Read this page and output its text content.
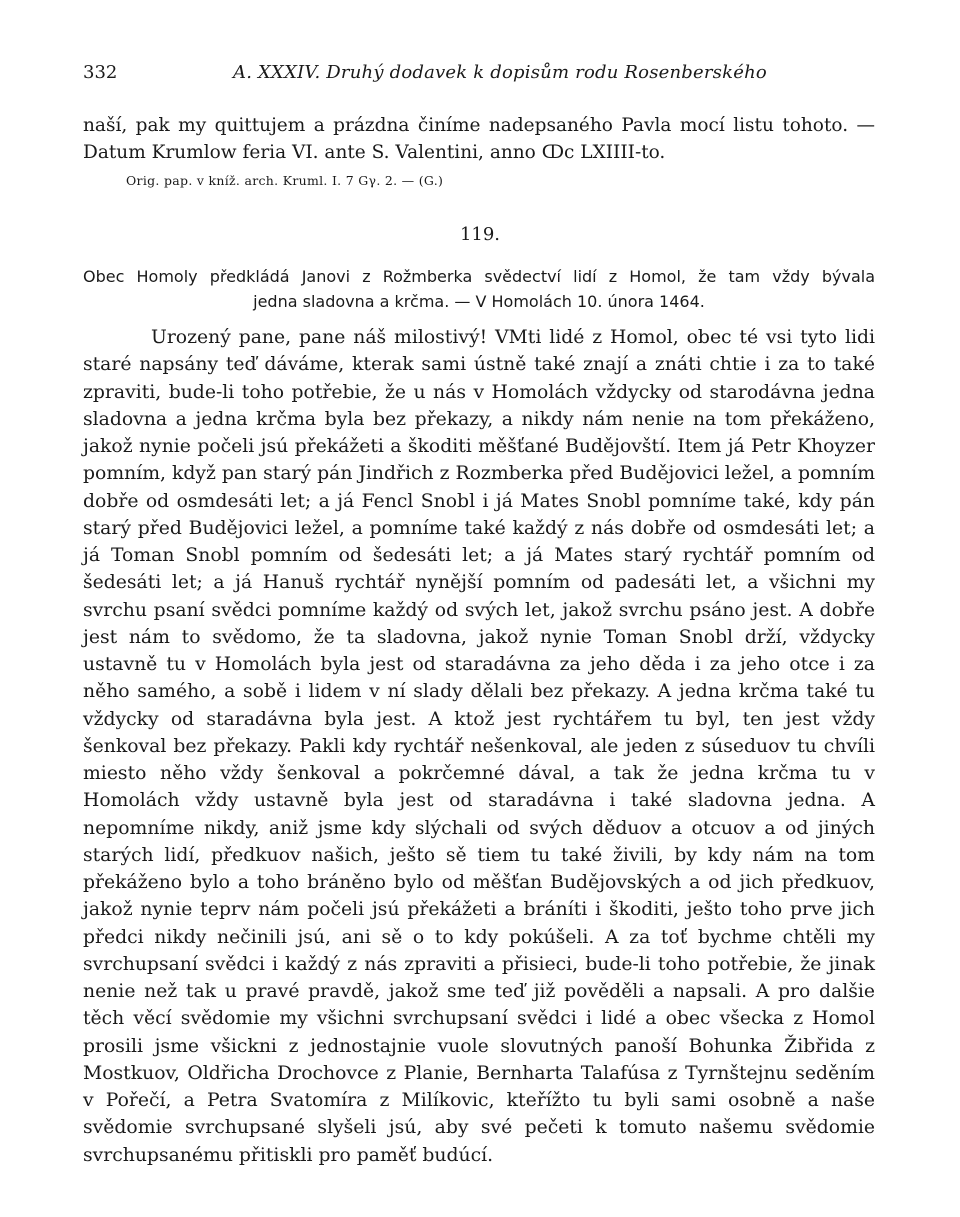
332	A. XXXIV. Druhý dodavek k dopisům rodu Rosenberského
naší, pak my quittujem a prázdna činíme nadepsaného Pavla mocí listu tohoto. — Datum Krumlow feria VI. ante S. Valentini, anno ↀc LXIIII-to.
Orig. pap. v kníž. arch. Kruml. I. 7 Gγ. 2. — (G.)
119.
Obec Homoly předkládá Janovi z Rožmberka svědectví lidí z Homol, že tam vždy bývala
jedna sladovna a krčma. — V Homolách 10. února 1464.
Urozený pane, pane náš milostivý! VMti lidé z Homol, obec té vsi tyto lidi staré napsány teď dáváme, kterak sami ústně také znají a znáti chtie i za to také zpraviti, bude-li toho potřebie, že u nás v Homolách vždycky od starodávna jedna sladovna a jedna krčma byla bez překazy, a nikdy nám nenie na tom překáženo, jakož nynie počeli jsú překážeti a škoditi měšťané Budějovští. Item já Petr Khoyzer pomním, když pan starý pán Jindřich z Rozmberka před Budějovici ležel, a pomním dobře od osmdesáti let; a já Fencl Snobl i já Mates Snobl pomníme také, kdy pán starý před Budějovici ležel, a pomníme také každý z nás dobře od osmdesáti let; a já Toman Snobl pomním od šedesáti let; a já Mates starý rychtář pomním od šedesáti let; a já Hanuš rychtář nynější pomním od padesáti let, a všichni my svrchu psaní svědci pomníme každý od svých let, jakož svrchu psáno jest. A dobře jest nám to svědomo, že ta sladovna, jakož nynie Toman Snobl drží, vždycky ustavně tu v Homolách byla jest od staradávna za jeho děda i za jeho otce i za něho samého, a sobě i lidem v ní slady dělali bez překazy. A jedna krčma také tu vždycky od staradávna byla jest. A ktož jest rychtářem tu byl, ten jest vždy šenkoval bez překazy. Pakli kdy rychtář nešenkoval, ale jeden z súseduov tu chvíli miesto něho vždy šenkoval a pokrčemné dával, a tak že jedna krčma tu v Homolách vždy ustavně byla jest od staradávna i také sladovna jedna. A nepomníme nikdy, aniž jsme kdy slýchali od svých děduov a otcuov a od jiných starých lidí, předkuov našich, ještо sě tiem tu také živili, by kdy nám na tom překáženo bylo a toho bráněno bylo od měšťan Budějovských a od jich předkuov, jakož nynie teprv nám počeli jsú překážeti a bráníti i škoditi, ještо toho prve jich předci nikdy nečinili jsú, ani sě o to kdy pokúšeli. A za toť bychme chtěli my svrchupsaní svědci i každý z nás zpraviti a přisieci, bude-li toho potřebie, že jinak nenie než tak u pravé pravdě, jakož sme teď již pověděli a napsali. A pro dalšie těch věcí svědomie my všichni svrchupsaní svědci i lidé a obec všecka z Homol prosili jsme všickni z jednostajnie vuole slovutných panoší Bohunka Žibřida z Mostkuov, Oldřicha Drochovce z Planie, Bernharta Talafúsa z Tyrnštejnu seděním v Pořečí, a Petra Svatomíra z Milíkovic, kteřížto tu byli sami osobně a naše svědomie svrchupsané slyšeli jsú, aby své pečeti k tomuto našemu svědomie svrchupsanému přitiskli pro paměť budúcí.
